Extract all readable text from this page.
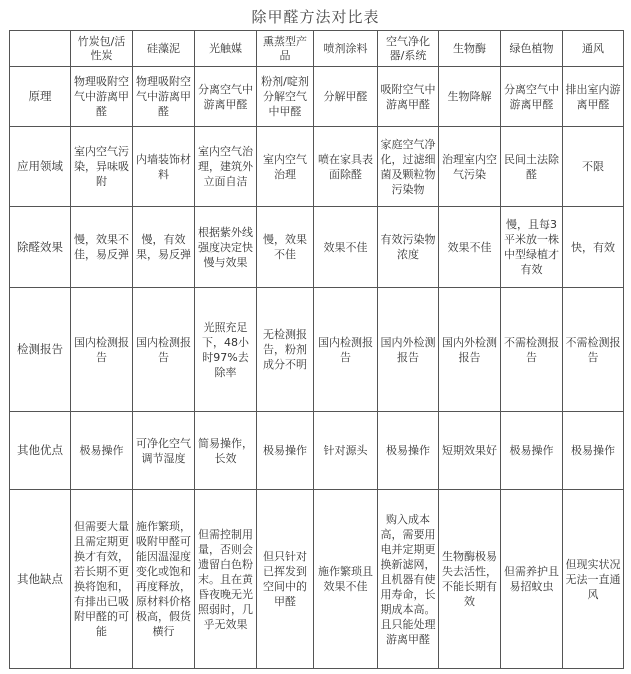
除甲醛方法对比表
	竹炭包/活性炭	硅藻泥	光触媒	熏蒸型产品	喷剂涂料	空气净化器/系统	生物酶	绿色植物	通风
原理	物理吸附空气中游离甲醛	物理吸附空气中游离甲醛	分离空气中游离甲醛	粉剂/啶剂分解空气中甲醛	分解甲醛	吸附空气中游离甲醛	生物降解	分离空气中游离甲醛	排出室内游离甲醛
应用领域	室内空气污染，异味吸附	内墙装饰材料	室内空气治理，建筑外立面自洁	室内空气治理	喷在家具表面除醛	家庭空气净化，过滤细菌及颗粒物污染物	治理室内空气污染	民间土法除醛	不限
除醛效果	慢，效果不佳，易反弹	慢，有效果，易反弹	根据紫外线强度决定快慢与效果	慢，效果不佳	效果不佳	有效污染物浓度	效果不佳	慢，且每3平米放一株中型绿植才有效	快，有效
检测报告	国内检测报告	国内检测报告	光照充足下，48小时97%去除率	无检测报告，粉剂成分不明	国内检测报告	国内外检测报告	国内外检测报告	不需检测报告	不需检测报告
其他优点	极易操作	可净化空气调节湿度	简易操作，长效	极易操作	针对源头	极易操作	短期效果好	极易操作	极易操作
其他缺点	但需要大量且需定期更换才有效，若长期不更换将饱和，有排出已吸附甲醛的可能	施作繁琐，吸附甲醛可能因温湿度变化或饱和再度释放，原材料价格极高，假货横行	但需控制用量，否则会遗留白色粉末。且在黄昏夜晚无光照弱时，几乎无效果	但只针对已挥发到空间中的甲醛	施作繁琐且效果不佳	购入成本高，需要用电并定期更换新滤网，且机器有使用寿命，长期成本高。且只能处理游离甲醛	生物酶极易失去活性，不能长期有效	但需养护且易招蚊虫	但现实状况无法一直通风
